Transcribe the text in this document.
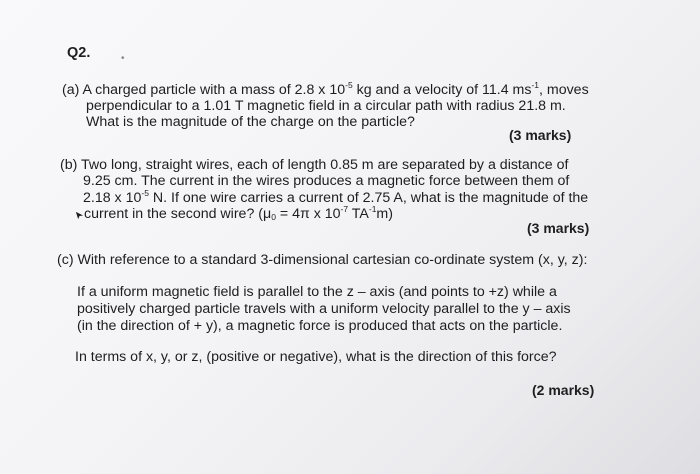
Q2.	•

(a) A charged particle with a mass of 2.8 x $10^{-5}$ kg and a velocity of 11.4 $ms^{-1}$, moves

perpendicular to a 1.01 T magnetic field in a circular path with radius 21.8 m.

What is the magnitude of the charge on the particle?

(3 marks)

(b) Two long, straight wires, each of length 0.85 m are separated by a distance of

9.25 cm. The current in the wires produces a magnetic force between them of

2.18 x $10^{-5}$ N. If one wire carries a current of 2.75 A, what is the magnitude of the

current in the second wire? ($\mu_0 = 4\pi$ x $10^{-7}$ $TA^{-1}m$)

(3 marks)

(c) With reference to a standard 3-dimensional cartesian co-ordinate system (x, y, z):

If a uniform magnetic field is parallel to the z – axis (and points to +z) while a

positively charged particle travels with a uniform velocity parallel to the y – axis

(in the direction of + y), a magnetic force is produced that acts on the particle.

In terms of x, y, or z, (positive or negative), what is the direction of this force?

(2 marks)
